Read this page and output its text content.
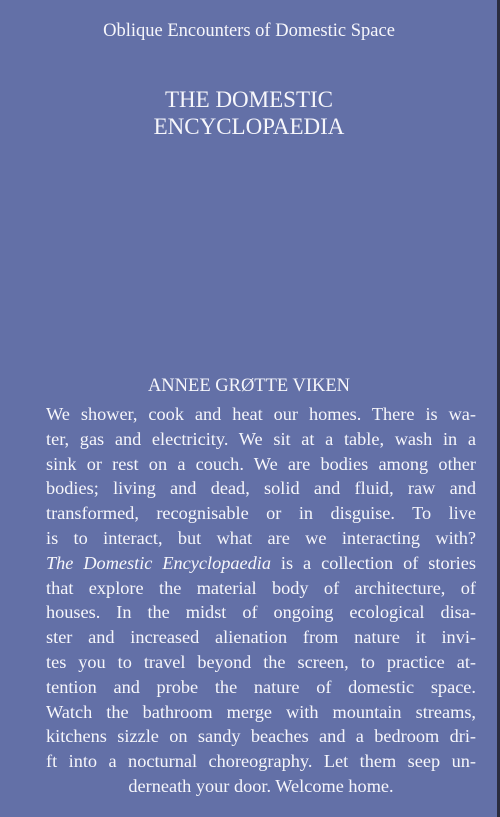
Oblique Encounters of Domestic Space
THE DOMESTIC
ENCYCLOPAEDIA
ANNEE GRØTTE VIKEN
We shower, cook and heat our homes. There is wa-
ter, gas and electricity. We sit at a table, wash in a
sink or rest on a couch. We are bodies among other
bodies; living and dead, solid and fluid, raw and
transformed, recognisable or in disguise. To live
is to interact, but what are we interacting with?
The Domestic Encyclopaedia is a collection of stories
that explore the material body of architecture, of
houses. In the midst of ongoing ecological disa-
ster and increased alienation from nature it invi-
tes you to travel beyond the screen, to practice at-
tention and probe the nature of domestic space.
Watch the bathroom merge with mountain streams,
kitchens sizzle on sandy beaches and a bedroom dri-
ft into a nocturnal choreography. Let them seep un-
derneath your door. Welcome home.
